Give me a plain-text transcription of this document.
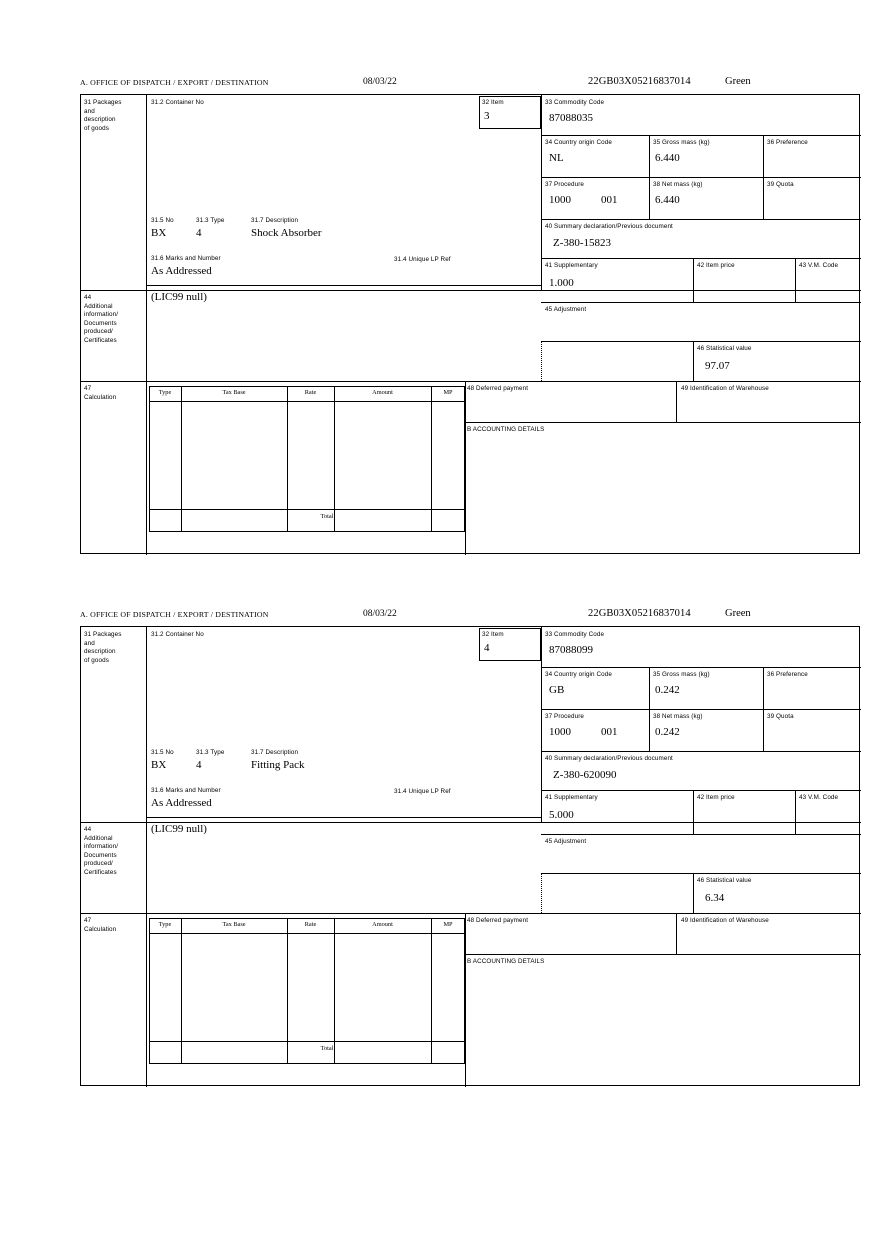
A. OFFICE OF DISPATCH / EXPORT / DESTINATION	08/03/22	22GB03X05216837014	Green
31 Packages
and
description
of goods
31.2 Container No	32 Item
3
33 Commodity Code
87088035
34 Country origin Code
NL
35 Gross mass (kg)
6.440
36 Preference
37 Procedure
1000	001
38 Net mass (kg)
6.440
39 Quota
40 Summary declaration/Previous document
Z-380-15823
41 Supplementary
1.000
42 Item price	43 V.M. Code
45 Adjustment
46 Statistical value
97.07
31.5 No	31.3 Type	31.7 Description
BX	4	Shock Absorber
31.6 Marks and Number
As Addressed
31.4 Unique LP Ref
44
Additional
information/
Documents
produced/
Certificates
(LIC99 null)
47
Calculation
Type	Tax Base	Rate	Amount	MP
Total
48 Deferred payment	49 Identification of Warehouse
B ACCOUNTING DETAILS
A. OFFICE OF DISPATCH / EXPORT / DESTINATION	08/03/22	22GB03X05216837014	Green
31 Packages
and
description
of goods
31.2 Container No	32 Item
4
33 Commodity Code
87088099
34 Country origin Code
GB
35 Gross mass (kg)
0.242
36 Preference
37 Procedure
1000	001
38 Net mass (kg)
0.242
39 Quota
40 Summary declaration/Previous document
Z-380-620090
41 Supplementary
5.000
42 Item price	43 V.M. Code
45 Adjustment
46 Statistical value
6.34
31.5 No	31.3 Type	31.7 Description
BX	4	Fitting Pack
31.6 Marks and Number
As Addressed
31.4 Unique LP Ref
44
Additional
information/
Documents
produced/
Certificates
(LIC99 null)
47
Calculation
Type	Tax Base	Rate	Amount	MP
Total
48 Deferred payment	49 Identification of Warehouse
B ACCOUNTING DETAILS
